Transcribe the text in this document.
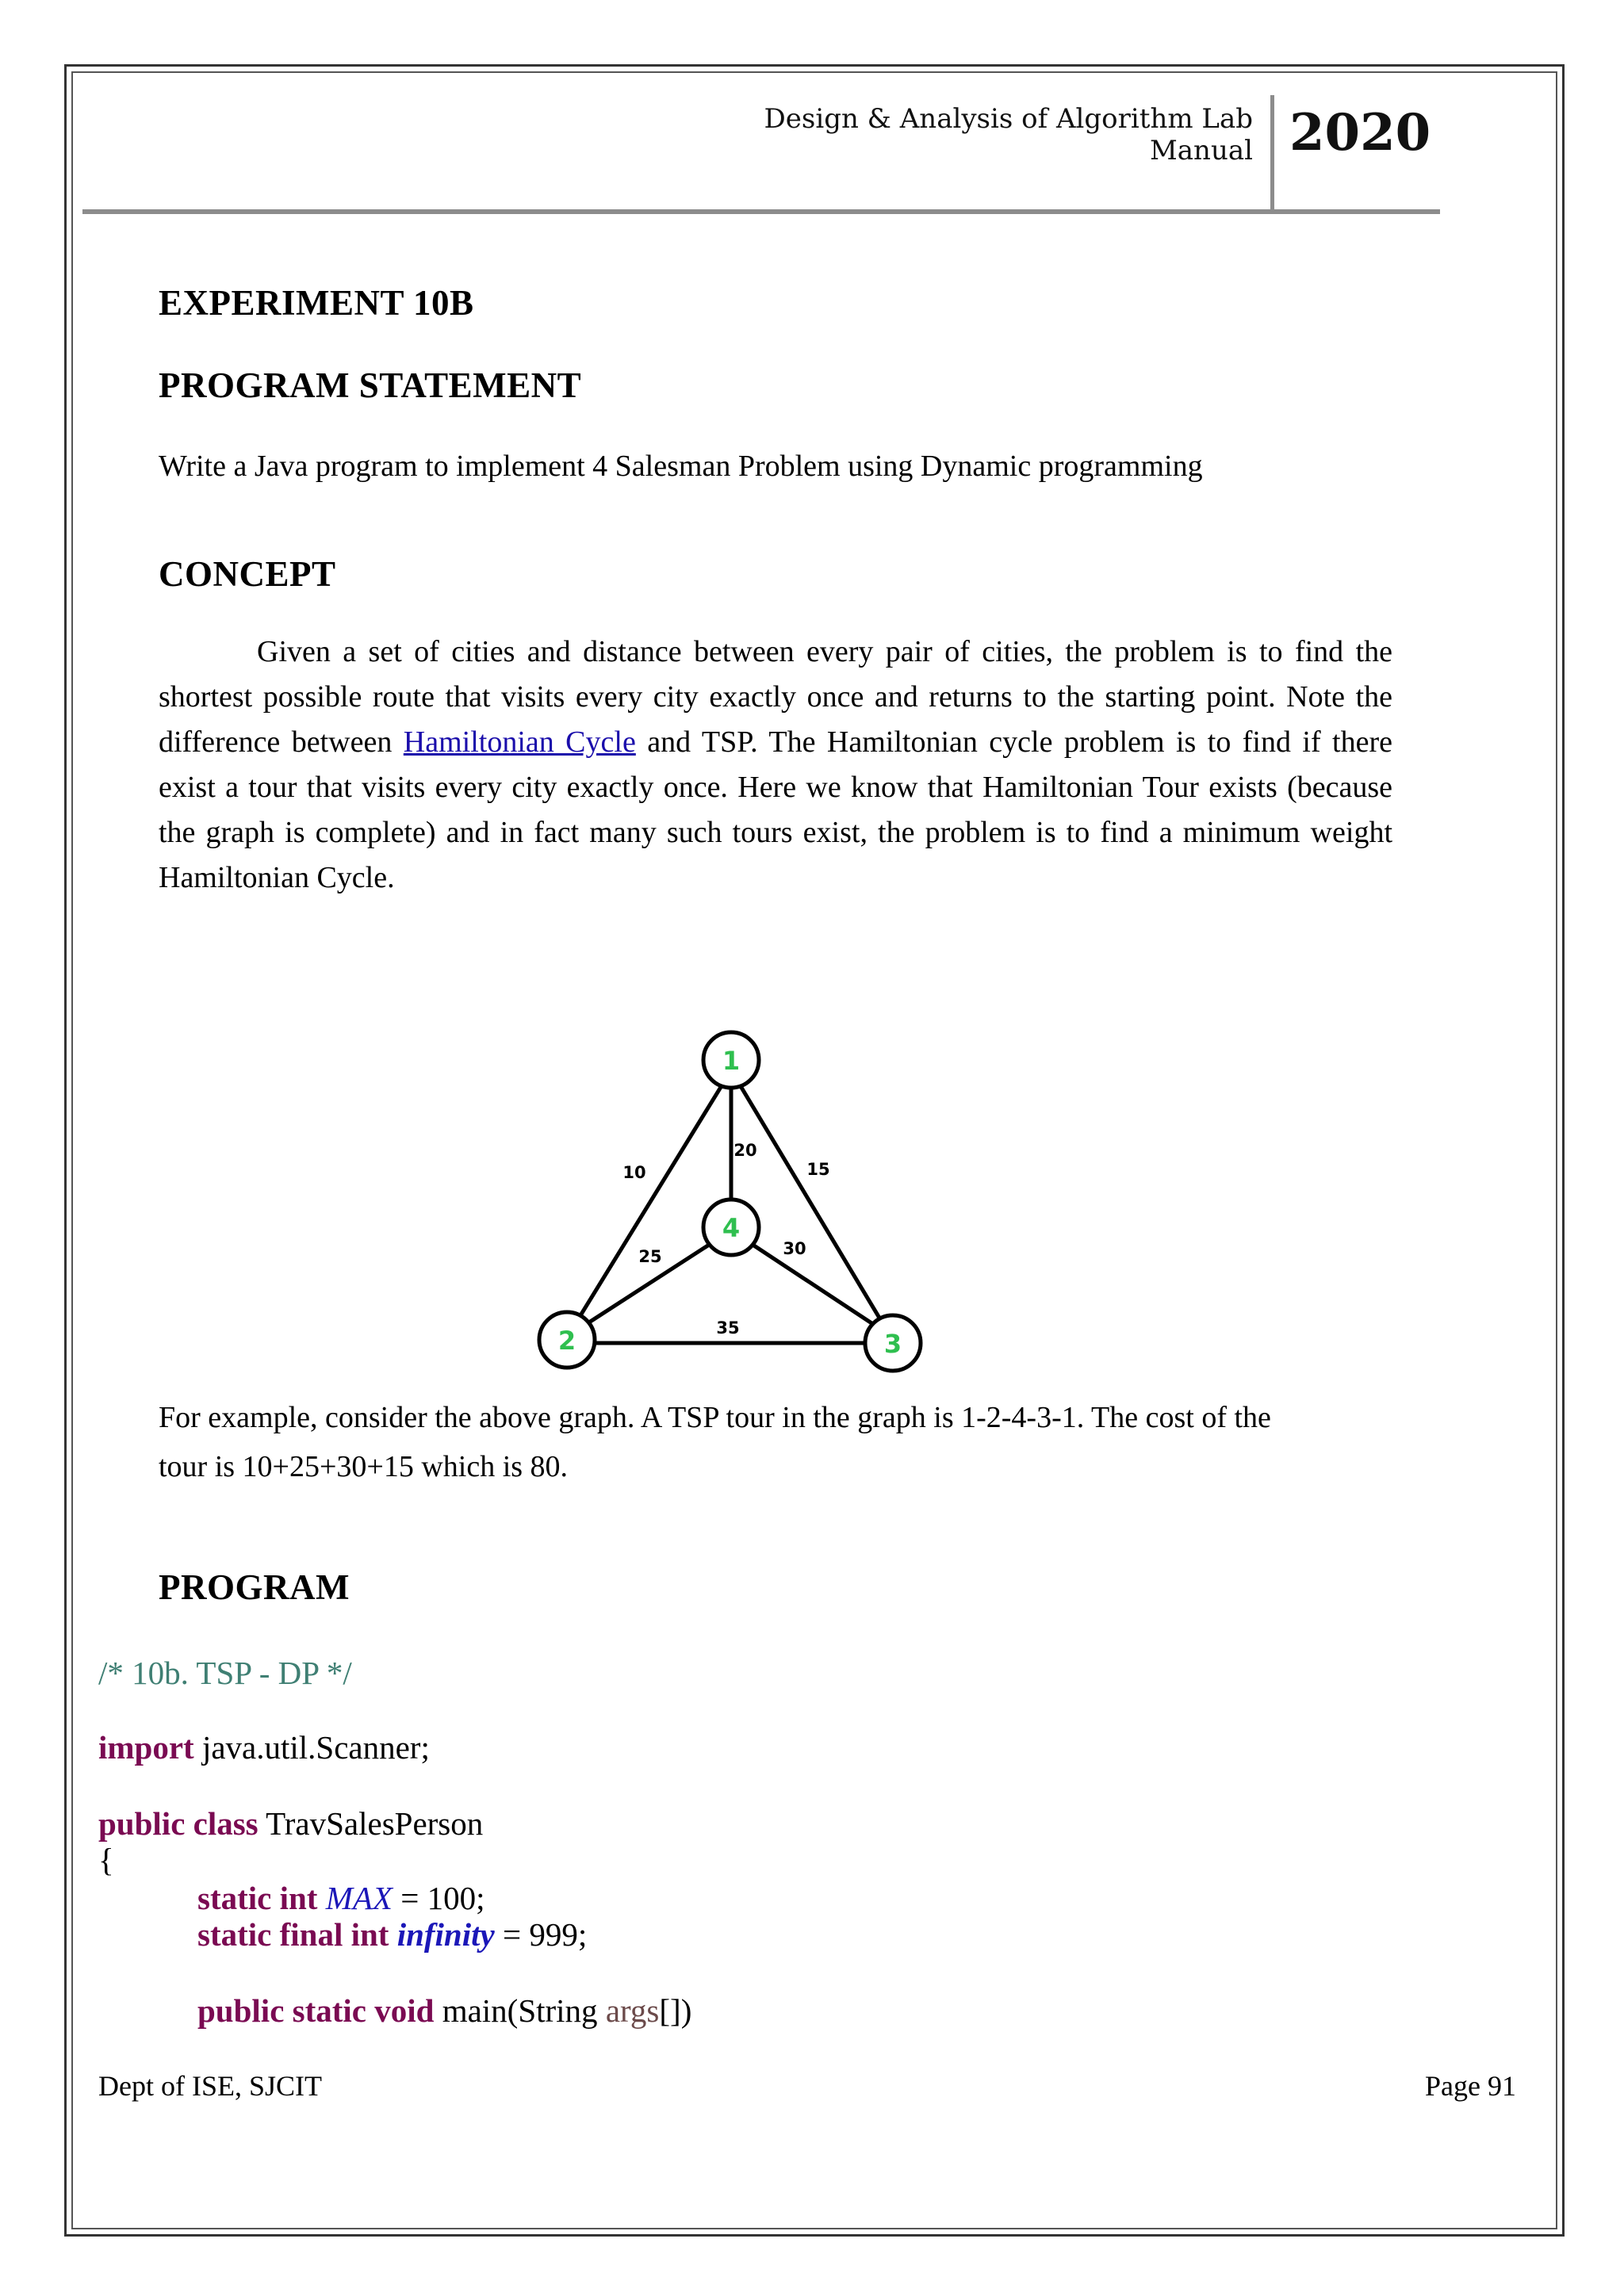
Design & Analysis of Algorithm Lab Manual 2020
EXPERIMENT 10B
PROGRAM STATEMENT
Write a Java program to implement 4 Salesman Problem using Dynamic programming
CONCEPT

Given a set of cities and distance between every pair of cities, the problem is to find the shortest possible route that visits every city exactly once and returns to the starting point. Note the difference between Hamiltonian Cycle and TSP. The Hamiltonian cycle problem is to find if there exist a tour that visits every city exactly once. Here we know that Hamiltonian Tour exists (because the graph is complete) and in fact many such tours exist, the problem is to find a minimum weight Hamiltonian Cycle.

10
20
15
25	30
35
1
2	3
4
For example, consider the above graph. A TSP tour in the graph is 1-2-4-3-1. The cost of the
tour is 10+25+30+15 which is 80.
PROGRAM
/* 10b. TSP - DP */
import java.util.Scanner;
public class TravSalesPerson
{
static int MAX = 100;
static final int infinity = 999;
public static void main(String args[])
Dept of ISE, SJCIT	Page 91
